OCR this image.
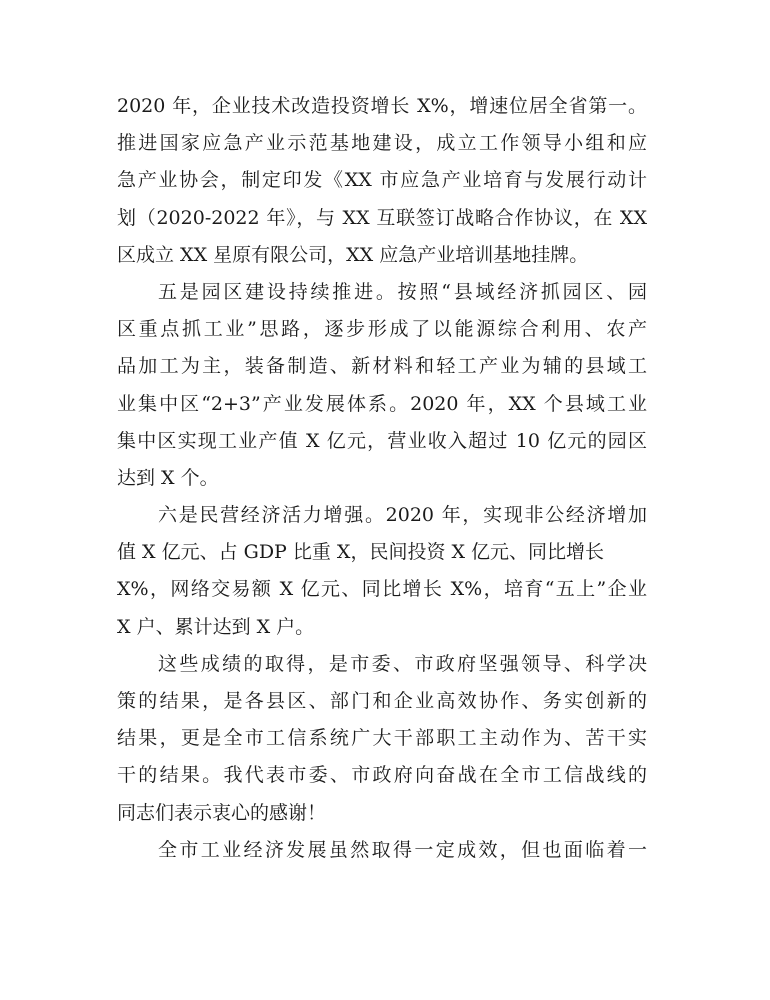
2020 年，企业技术改造投资增长 X%，增速位居全省第一。
推进国家应急产业示范基地建设，成立工作领导小组和应
急产业协会，制定印发《XX 市应急产业培育与发展行动计
划（2020-2022 年》，与 XX 互联签订战略合作协议，在 XX
区成立 XX 星原有限公司，XX 应急产业培训基地挂牌。
五是园区建设持续推进。按照“县域经济抓园区、园
区重点抓工业”思路，逐步形成了以能源综合利用、农产
品加工为主，装备制造、新材料和轻工产业为辅的县域工
业集中区“2+3”产业发展体系。2020 年，XX 个县域工业
集中区实现工业产值 X 亿元，营业收入超过 10 亿元的园区
达到 X 个。
六是民营经济活力增强。2020 年，实现非公经济增加
值 X 亿元、占 GDP 比重 X，民间投资 X 亿元、同比增长
X%，网络交易额 X 亿元、同比增长 X%，培育“五上”企业
X 户、累计达到 X 户。
这些成绩的取得，是市委、市政府坚强领导、科学决
策的结果，是各县区、部门和企业高效协作、务实创新的
结果，更是全市工信系统广大干部职工主动作为、苦干实
干的结果。我代表市委、市政府向奋战在全市工信战线的
同志们表示衷心的感谢！
全市工业经济发展虽然取得一定成效，但也面临着一
